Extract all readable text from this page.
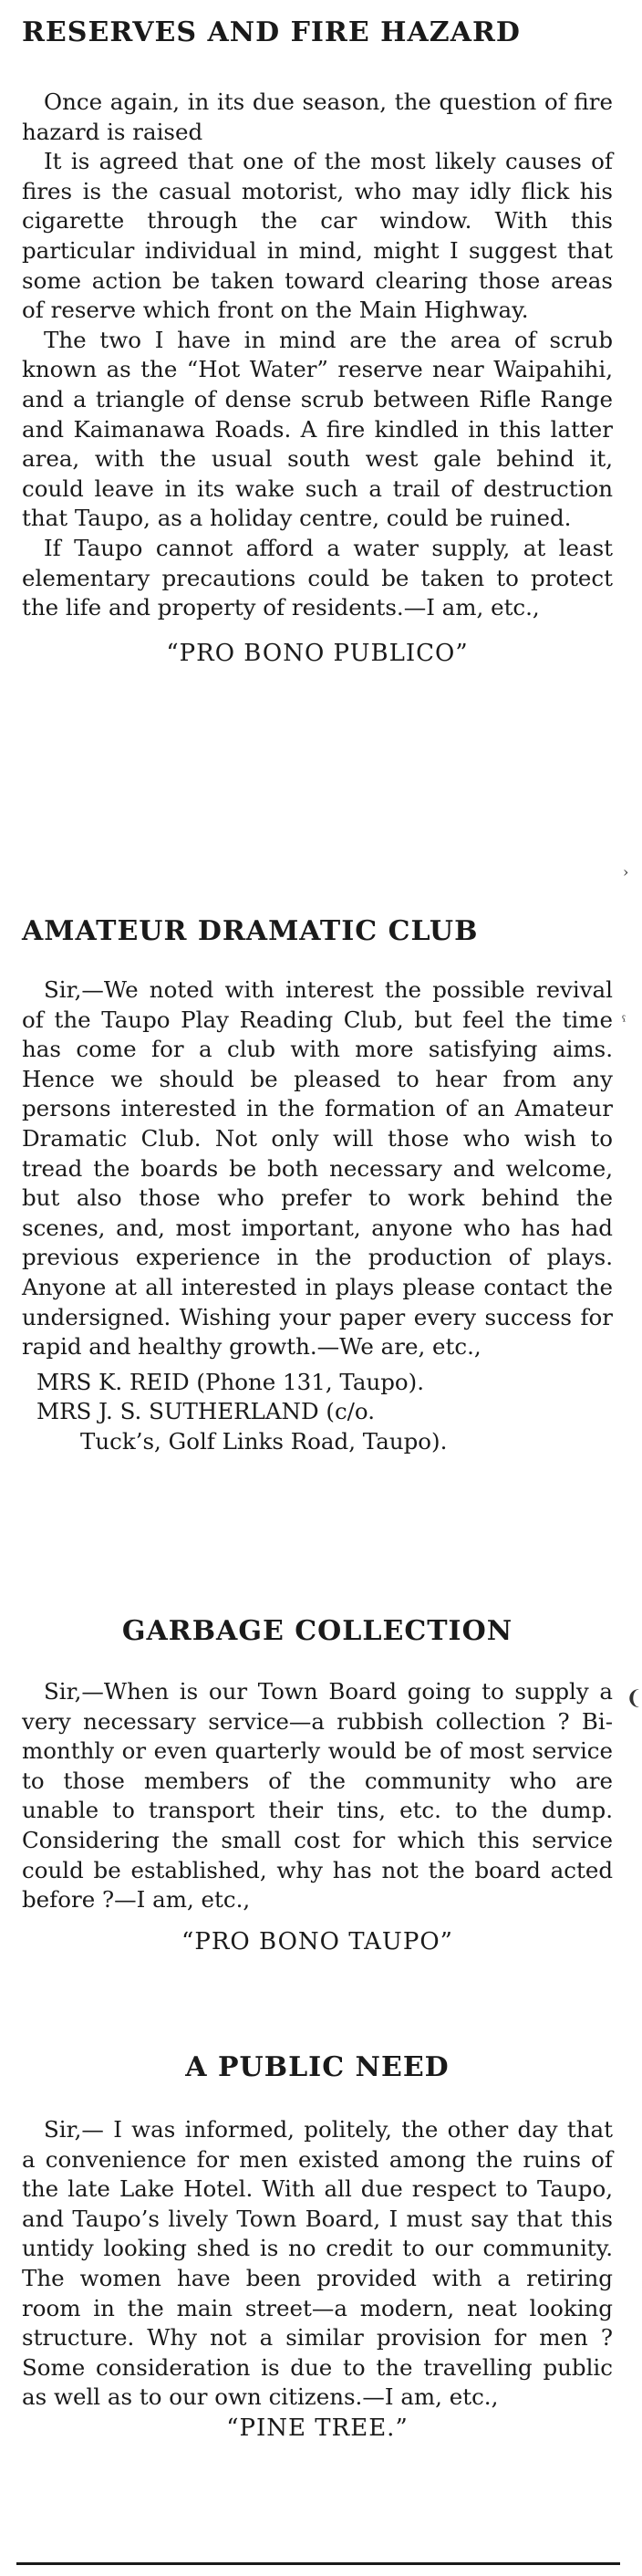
RESERVES AND FIRE HAZARD

Once again, in its due season, the question of fire hazard is raised

It is agreed that one of the most likely causes of fires is the casual motorist, who may idly flick his cigarette through the car window. With this particular individual in mind, might I suggest that some action be taken toward clearing those areas of reserve which front on the Main Highway.

The two I have in mind are the area of scrub known as the “Hot Water” reserve near Waipahihi, and a triangle of dense scrub between Rifle Range and Kaimanawa Roads. A fire kindled in this latter area, with the usual south west gale behind it, could leave in its wake such a trail of destruction that Taupo, as a holiday centre, could be ruined.

If Taupo cannot afford a water supply, at least elementary precautions could be taken to protect the life and property of residents.—I am, etc.,

“PRO BONO PUBLICO”

AMATEUR DRAMATIC CLUB

Sir,—We noted with interest the possible revival of the Taupo Play Reading Club, but feel the time has come for a club with more satisfying aims. Hence we should be pleased to hear from any persons interested in the formation of an Amateur Dramatic Club. Not only will those who wish to tread the boards be both necessary and welcome, but also those who prefer to work behind the scenes, and, most important, anyone who has had previous experience in the production of plays. Anyone at all interested in plays please contact the undersigned. Wishing your paper every success for rapid and healthy growth.—We are, etc.,

MRS K. REID (Phone 131, Taupo).

MRS J. S. SUTHERLAND (c/o.

Tuck’s, Golf Links Road, Taupo).

GARBAGE COLLECTION

Sir,—When is our Town Board going to supply a very necessary service—a rubbish collection ? Bi-monthly or even quarterly would be of most service to those members of the community who are unable to transport their tins, etc. to the dump. Considering the small cost for which this service could be established, why has not the board acted before ?—I am, etc.,

“PRO BONO TAUPO”

A PUBLIC NEED

Sir,— I was informed, politely, the other day that a convenience for men existed among the ruins of the late Lake Hotel. With all due respect to Taupo, and Taupo’s lively Town Board, I must say that this untidy looking shed is no credit to our community. The women have been provided with a retiring room in the main street—a modern, neat looking structure. Why not a similar provision for men ? Some consideration is due to the travelling public as well as to our own citizens.—I am, etc.,

“PINE TREE.”

›
ˁ
❨
